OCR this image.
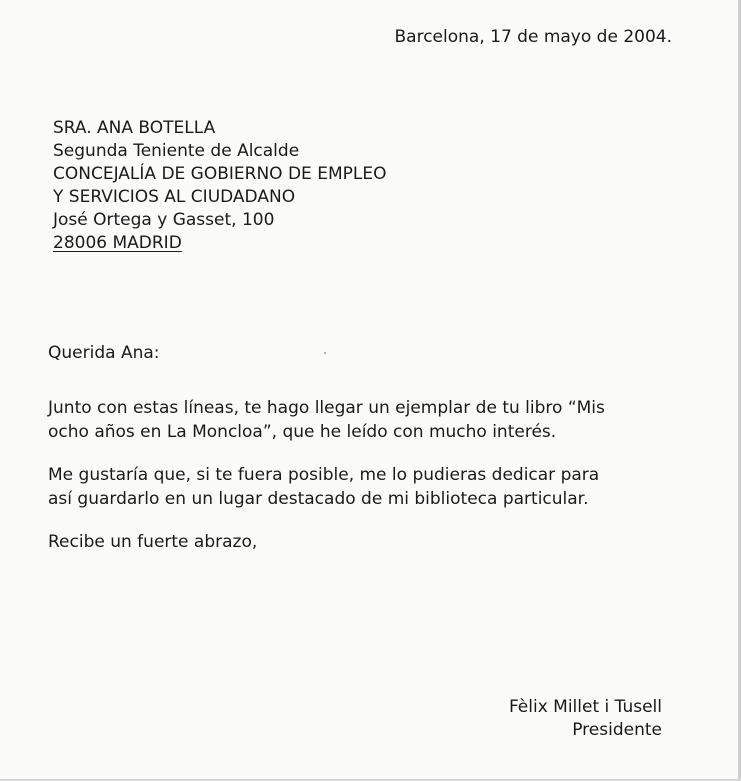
Barcelona, 17 de mayo de 2004.
SRA. ANA BOTELLA
Segunda Teniente de Alcalde
CONCEJALÍA DE GOBIERNO DE EMPLEO
Y SERVICIOS AL CIUDADANO
José Ortega y Gasset, 100
28006 MADRID
Querida Ana:
Junto con estas líneas, te hago llegar un ejemplar de tu libro “Mis
ocho años en La Moncloa”, que he leído con mucho interés.
Me gustaría que, si te fuera posible, me lo pudieras dedicar para
así guardarlo en un lugar destacado de mi biblioteca particular.
Recibe un fuerte abrazo,
Fèlix Millet i Tusell
Presidente
